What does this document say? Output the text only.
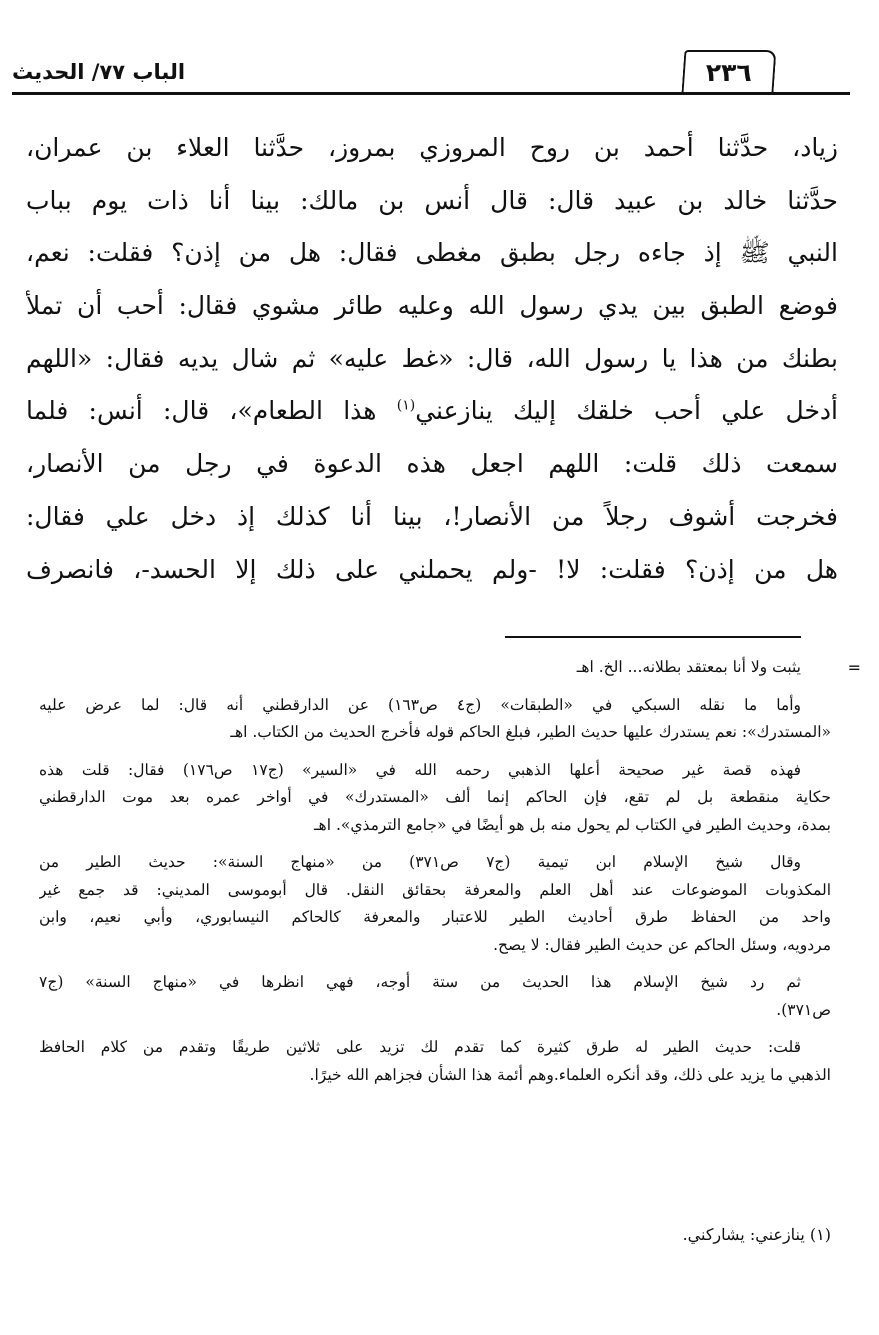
٢٣٦
الباب ٧٧/ الحديث
زياد، حدَّثنا أحمد بن روح المروزي بمروز، حدَّثنا العلاء بن عمران،
حدَّثنا خالد بن عبيد قال: قال أنس بن مالك: بينا أنا ذات يوم بباب
النبي ﷺ إذ جاءه رجل بطبق مغطى فقال: هل من إذن؟ فقلت: نعم،
فوضع الطبق بين يدي رسول الله وعليه طائر مشوي فقال: أحب أن تملأ
بطنك من هذا يا رسول الله، قال: «غط عليه» ثم شال يديه فقال: «اللهم
أدخل علي أحب خلقك إليك ينازعني$^{(١)}$ هذا الطعام»، قال: أنس: فلما
سمعت ذلك قلت: اللهم اجعل هذه الدعوة في رجل من الأنصار،
فخرجت أشوف رجلاً من الأنصار!، بينا أنا كذلك إذ دخل علي فقال:
هل من إذن؟ فقلت: لا! -ولم يحملني على ذلك إلا الحسد-، فانصرف
=
يثبت ولا أنا بمعتقد بطلانه... الخ. اهـ
وأما ما نقله السبكي في «الطبقات» (ج٤ ص١٦٣) عن الدارقطني أنه قال: لما عرض عليه
«المستدرك»: نعم يستدرك عليها حديث الطير، فبلغ الحاكم قوله فأخرج الحديث من الكتاب. اهـ
فهذه قصة غير صحيحة أعلها الذهبي رحمه الله في «السير» (ج١٧ ص١٧٦) فقال: قلت هذه
حكاية منقطعة بل لم تقع، فإن الحاكم إنما ألف «المستدرك» في أواخر عمره بعد موت الدارقطني
بمدة، وحديث الطير في الكتاب لم يحول منه بل هو أيضًا في «جامع الترمذي». اهـ
وقال شيخ الإسلام ابن تيمية (ج٧ ص٣٧١) من «منهاج السنة»: حديث الطير من
المكذوبات الموضوعات عند أهل العلم والمعرفة بحقائق النقل. قال أبوموسى المديني: قد جمع غير
واحد من الحفاظ طرق أحاديث الطير للاعتبار والمعرفة كالحاكم النيسابوري، وأبي نعيم، وابن
مردويه، وسئل الحاكم عن حديث الطير فقال: لا يصح.
ثم رد شيخ الإسلام هذا الحديث من ستة أوجه، فهي انظرها في «منهاج السنة» (ج٧
ص٣٧١).
قلت: حديث الطير له طرق كثيرة كما تقدم لك تزيد على ثلاثين طريقًا وتقدم من كلام الحافظ
الذهبي ما يزيد على ذلك، وقد أنكره العلماء.وهم أئمة هذا الشأن فجزاهم الله خيرًا.
(١) ينازعني: يشاركني.
